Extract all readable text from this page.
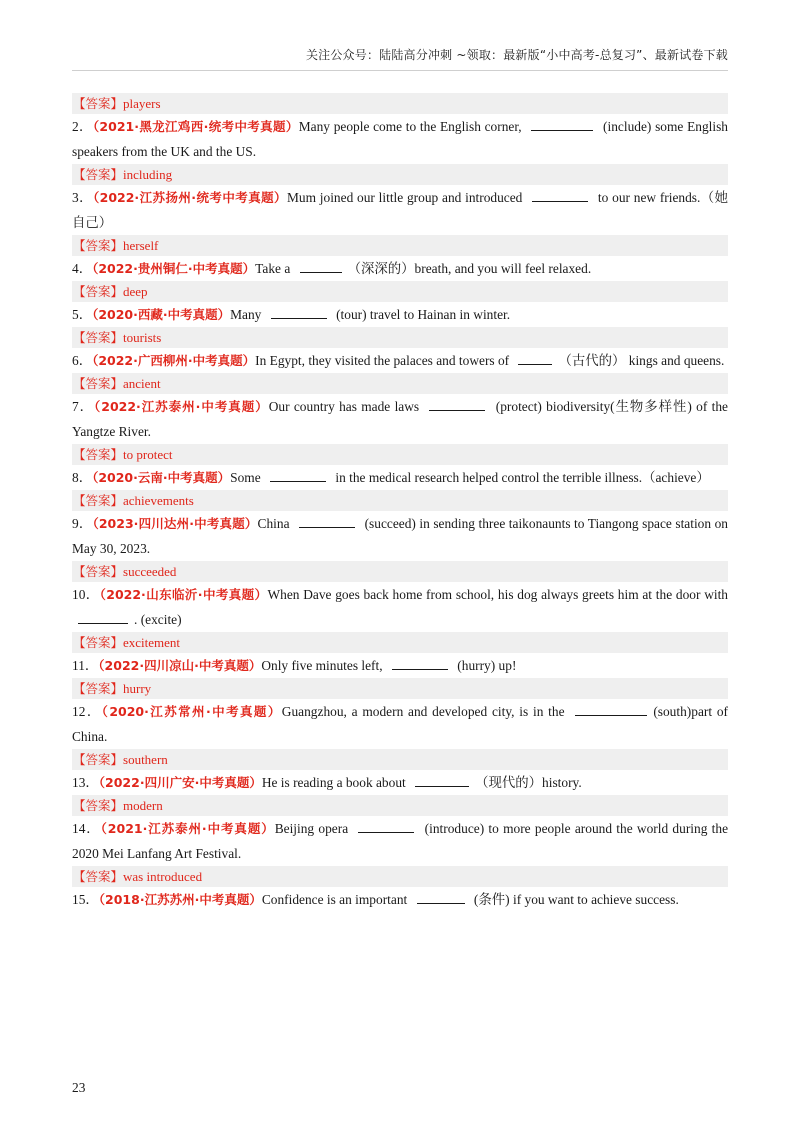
关注公众号：陆陆高分冲刺 ~领取：最新版“小中高考-总复习”、最新试卷下载

【答案】players

2．（2021·黑龙江鸡西·统考中考真题）Many people come to the English corner,	(include) some English speakers from the UK and the US.

【答案】including

3．（2022·江苏扬州·统考中考真题）Mum joined our little group and introduced	to our new friends.（她自己）

【答案】herself

4．（2022·贵州铜仁·中考真题）Take a	（深深的）breath, and you will feel relaxed.

【答案】deep

5．（2020·西藏·中考真题）Many	(tour) travel to Hainan in winter.

【答案】tourists

6．（2022·广西柳州·中考真题）In Egypt, they visited the palaces and towers of	（古代的） kings and queens.

【答案】ancient

7．（2022·江苏泰州·中考真题）Our country has made laws	(protect) biodiversity(生物多样性) of the Yangtze River.

【答案】to protect

8．（2020·云南·中考真题）Some	in the medical research helped control the terrible illness.（achieve）

【答案】achievements

9．（2023·四川达州·中考真题）China	(succeed) in sending three taikonaunts to Tiangong space station on May 30, 2023.

【答案】succeeded

10．（2022·山东临沂·中考真题）When Dave goes back home from school, his dog always greets him at the door with . (excite)

【答案】excitement

11．（2022·四川凉山·中考真题）Only five minutes left,	(hurry) up!

【答案】hurry

12．（2020·江苏常州·中考真题）Guangzhou, a modern and developed city, is in the	(south)part of China.

【答案】southern

13．（2022·四川广安·中考真题）He is reading a book about	（现代的）history.

【答案】modern

14．（2021·江苏泰州·中考真题）Beijing opera	(introduce) to more people around the world during the 2020 Mei Lanfang Art Festival.

【答案】was introduced

15．（2018·江苏苏州·中考真题）Confidence is an important	(条件) if you want to achieve success.

23
